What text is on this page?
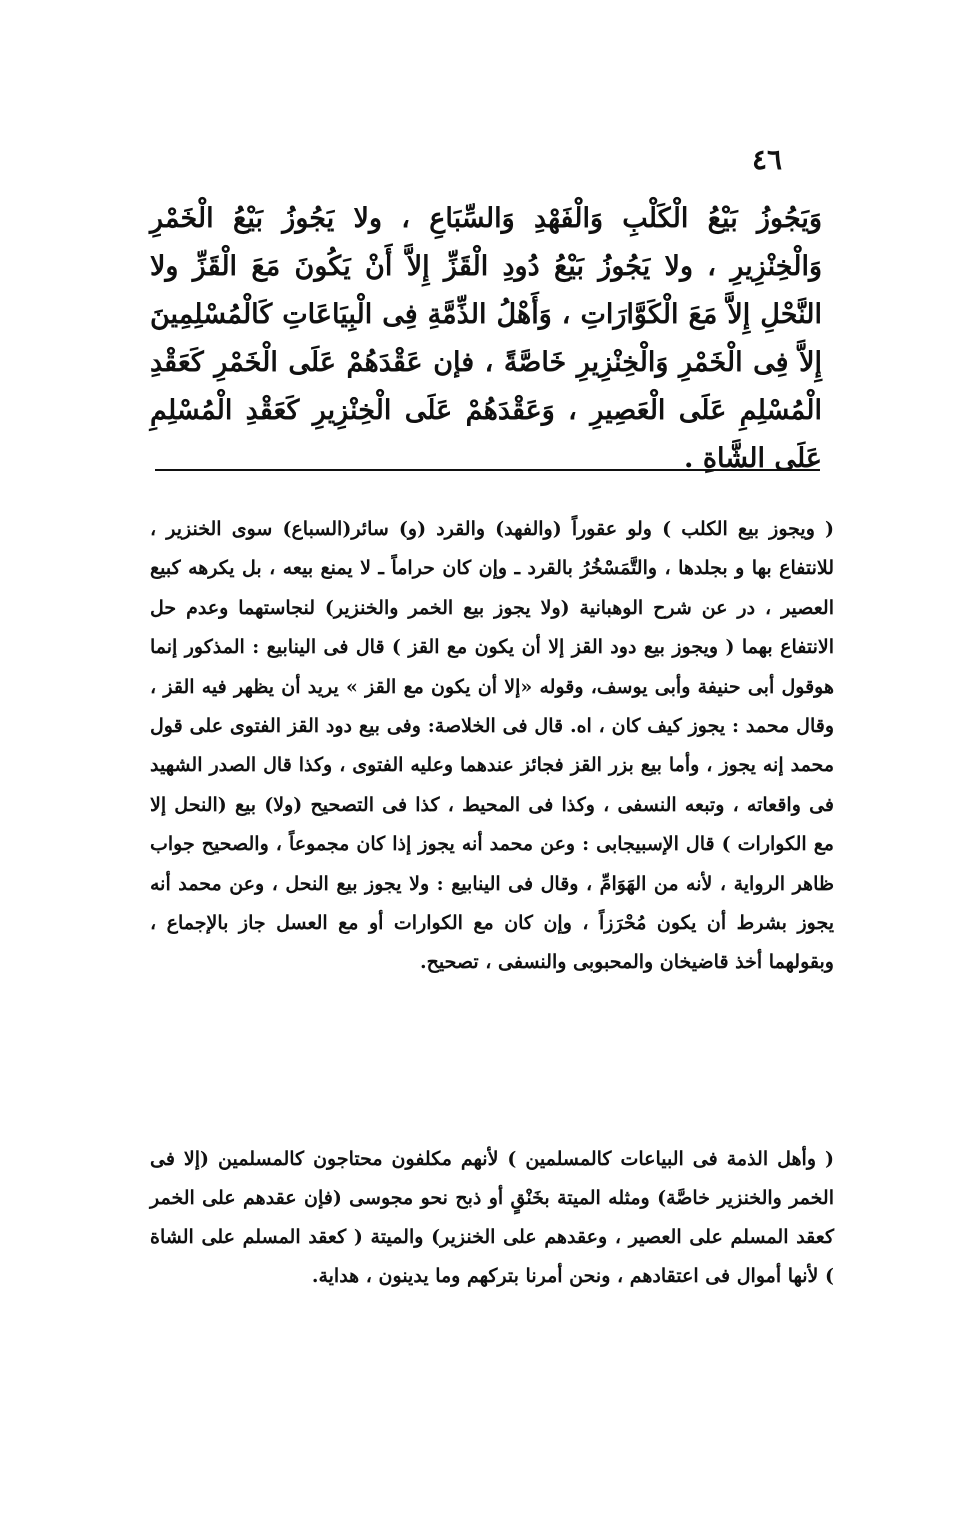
٤٦

وَيَجُوزُ بَيْعُ الْكَلْبِ وَالْفَهْدِ وَالسِّبَاعِ ، ولا يَجُوزُ بَيْعُ الْخَمْرِ وَالْخِنْزِيرِ ، ولا يَجُوزُ بَيْعُ دُودِ الْقَزِّ إِلاَّ أَنْ يَكُونَ مَعَ الْقَزِّ ولا النَّحْلِ إِلاَّ مَعَ الْكَوَّارَاتِ ، وَأَهْلُ الذِّمَّةِ فِى الْبِيَاعَاتِ كَالْمُسْلِمِينَ إِلاَّ فِى الْخَمْرِ وَالْخِنْزِيرِ خَاصَّةً ، فإن عَقْدَهُمْ عَلَى الْخَمْرِ كَعَقْدِ الْمُسْلِمِ عَلَى الْعَصِيرِ ، وَعَقْدَهُمْ عَلَى الْخِنْزِيرِ كَعَقْدِ الْمُسْلِمِ عَلَى الشَّاةِ .

( ويجوز بيع الكلب ) ولو عقوراً (والفهد) والقرد (و) سائر(السباع) سوى الخنزير ، للانتفاع بها و بجلدها ، والتَّمَسْخُرُ بالقرد ـ وإن كان حراماً ـ لا يمنع بيعه ، بل يكرهه كبيع العصير ، در عن شرح الوهبانية (ولا يجوز بيع الخمر والخنزير) لنجاستهما وعدم حل الانتفاع بهما ( ويجوز بيع دود القز إلا أن يكون مع القز ) قال فى الينابيع : المذكور إنما هوقول أبى حنيفة وأبى يوسف، وقوله «إلا أن يكون مع القز » يريد أن يظهر فيه القز ، وقال محمد : يجوز كيف كان ، اه. قال فى الخلاصة: وفى بيع دود القز الفتوى على قول محمد إنه يجوز ، وأما بيع بزر القز فجائز عندهما وعليه الفتوى ، وكذا قال الصدر الشهيد فى واقعاته ، وتبعه النسفى ، وكذا فى المحيط ، كذا فى التصحيح (ولا) بيع (النحل إلا مع الكوارات ) قال الإسبيجابى : وعن محمد أنه يجوز إذا كان مجموعاً ، والصحيح جواب ظاهر الرواية ، لأنه من الهَوَامِّ ، وقال فى الينابيع : ولا يجوز بيع النحل ، وعن محمد أنه يجوز بشرط أن يكون مُحْرَزاً ، وإن كان مع الكوارات أو مع العسل جاز بالإجماع ، وبقولهما أخذ قاضيخان والمحبوبى والنسفى ، تصحيح.

( وأهل الذمة فى البياعات كالمسلمين ) لأنهم مكلفون محتاجون كالمسلمين (إلا فى الخمر والخنزير خاصَّة) ومثله الميتة بخَنْقٍ أو ذبح نحو مجوسى (فإن عقدهم على الخمر كعقد المسلم على العصير ، وعقدهم على الخنزير) والميتة ( كعقد المسلم على الشاة ) لأنها أموال فى اعتقادهم ، ونحن أمرنا بتركهم وما يدينون ، هداية.
